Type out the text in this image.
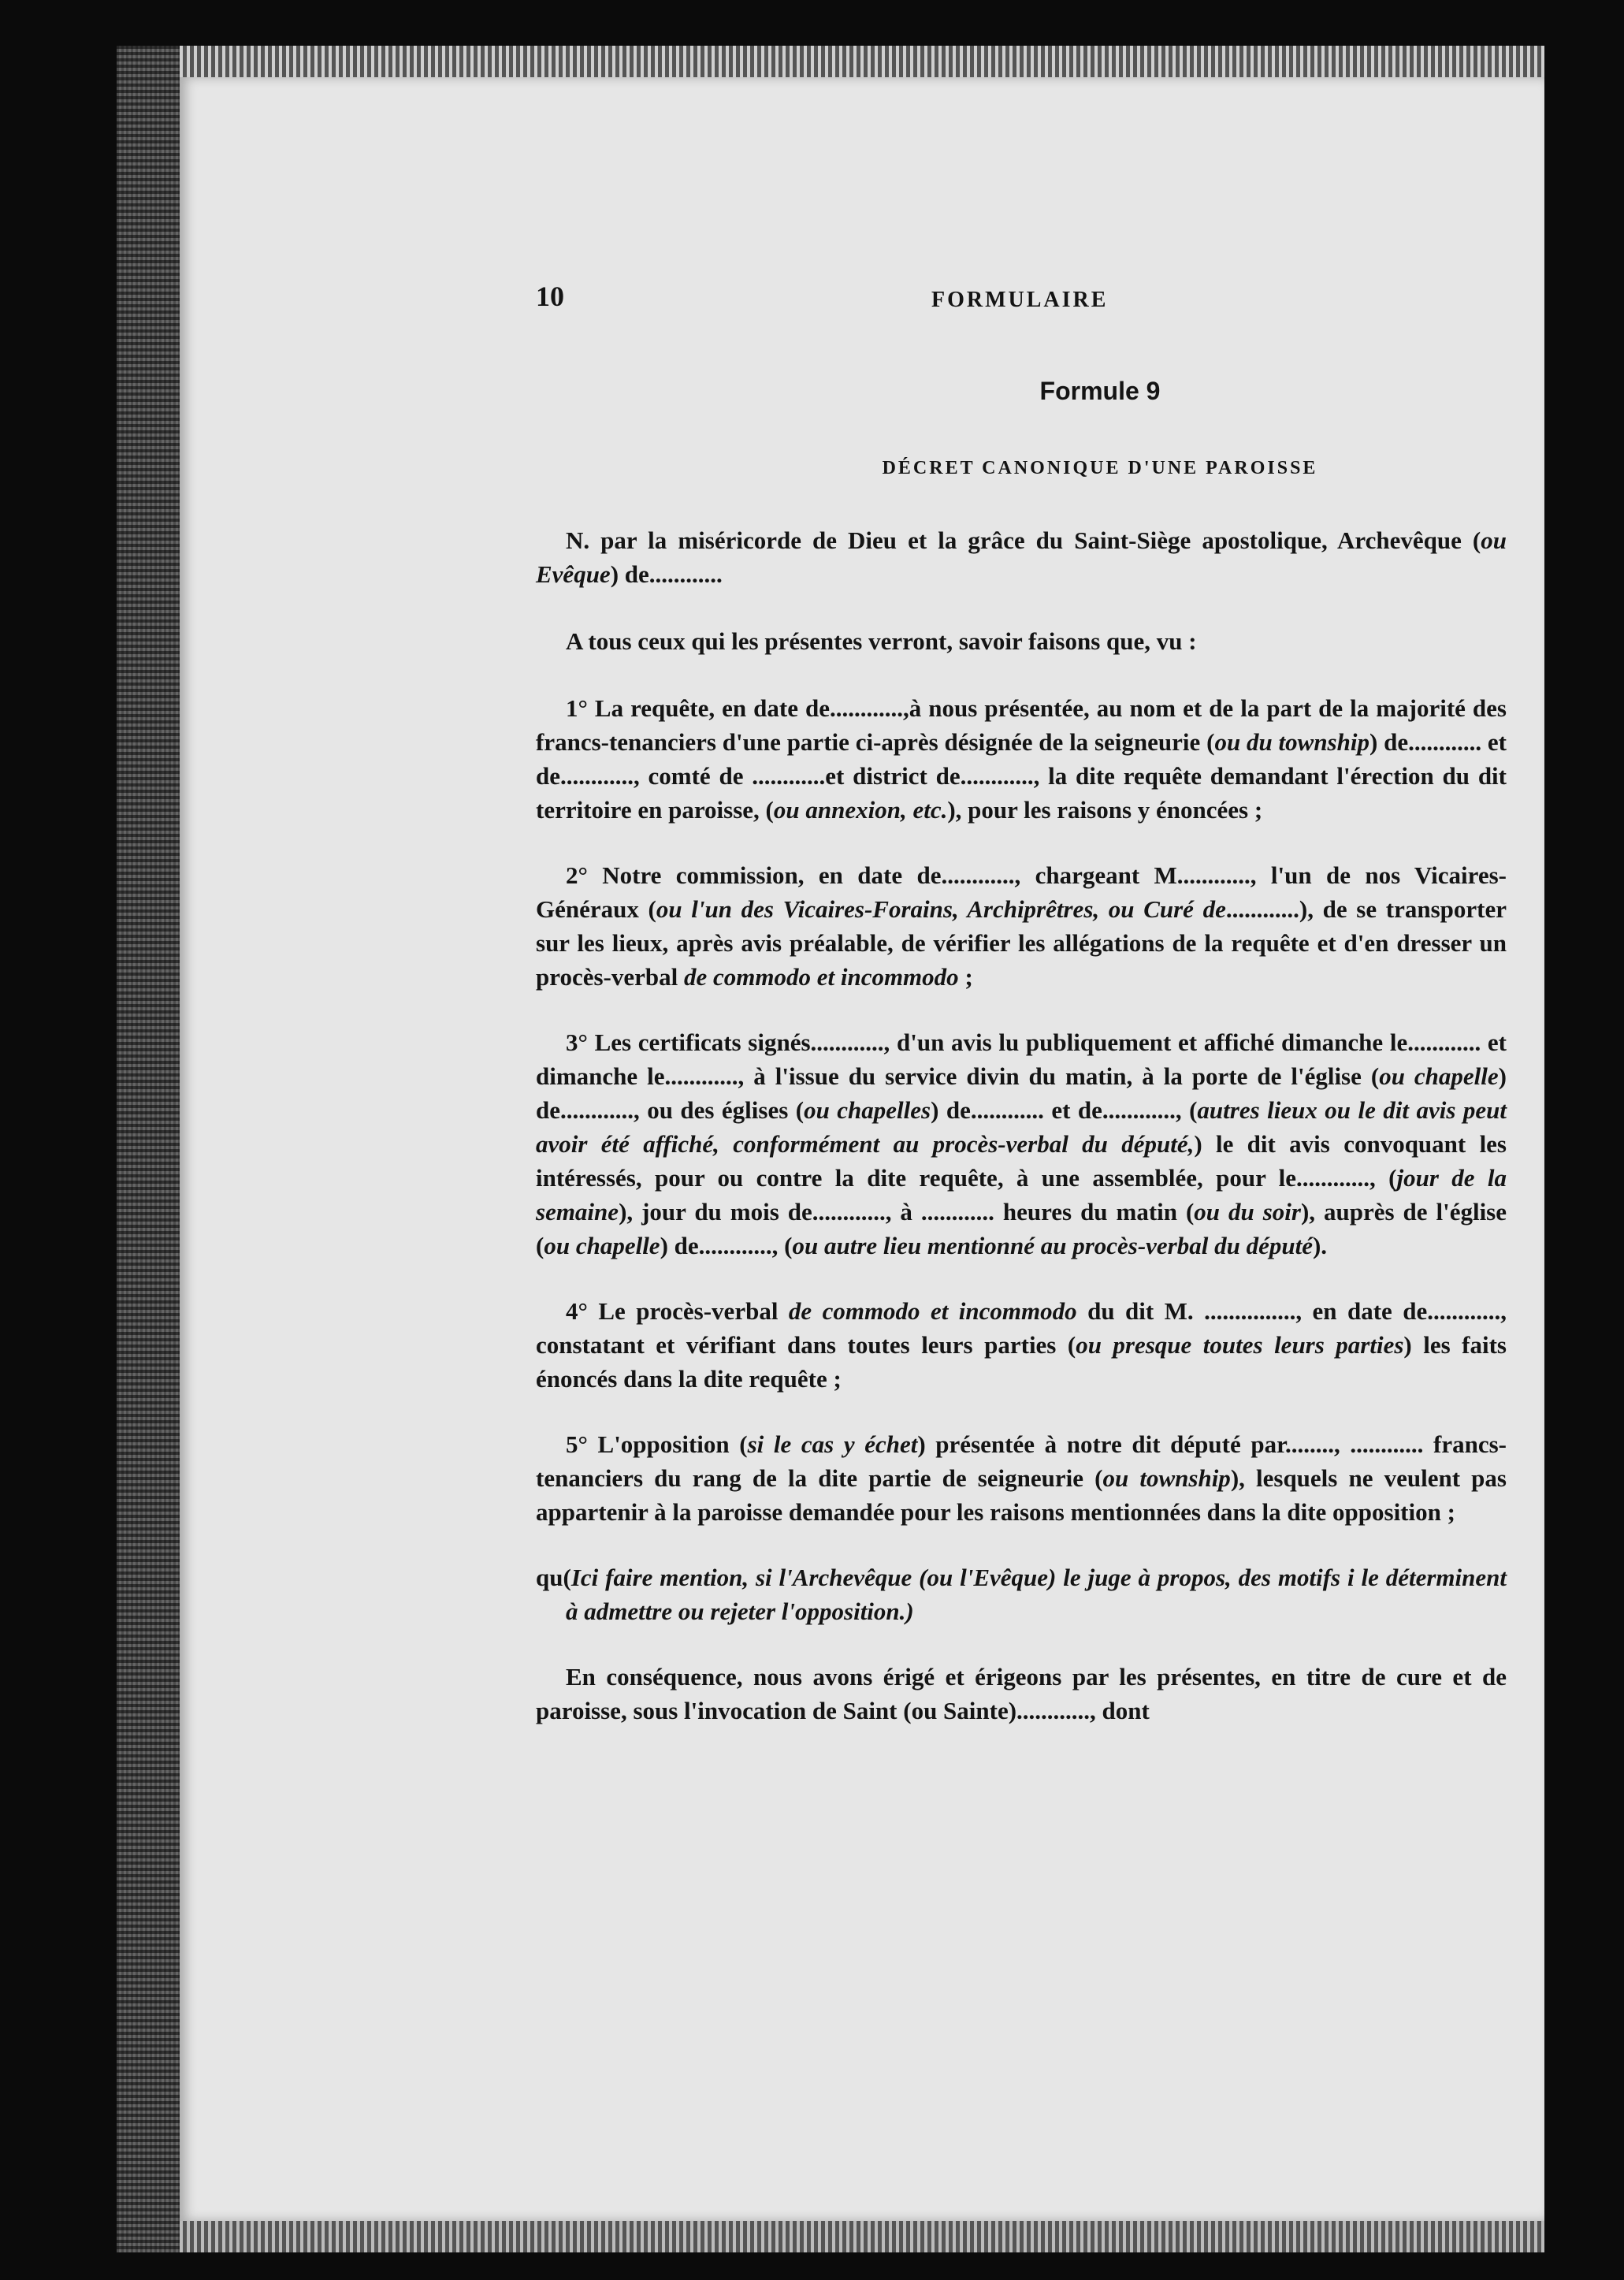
10	FORMULAIRE
Formule 9
DÉCRET CANONIQUE D'UNE PAROISSE

N. par la miséricorde de Dieu et la grâce du Saint-Siège apostolique, Archevêque (ou Evêque) de............

A tous ceux qui les présentes verront, savoir faisons que, vu :

1° La requête, en date de............,à nous présentée, au nom et de la part de la majorité des francs-tenanciers d'une partie ci-après désignée de la seigneurie (ou du township) de............ et de............, comté de ............et district de............, la dite requête demandant l'érection du dit territoire en paroisse, (ou annexion, etc.), pour les raisons y énoncées ;

2° Notre commission, en date de............, chargeant M............, l'un de nos Vicaires-Généraux (ou l'un des Vicaires-Forains, Archiprêtres, ou Curé de............), de se transporter sur les lieux, après avis préalable, de vérifier les allégations de la requête et d'en dresser un procès-verbal de commodo et incommodo ;

3° Les certificats signés............, d'un avis lu publiquement et affiché dimanche le............ et dimanche le............, à l'issue du service divin du matin, à la porte de l'église (ou chapelle) de............, ou des églises (ou chapelles) de............ et de............, (autres lieux ou le dit avis peut avoir été affiché, conformément au procès-verbal du député,) le dit avis convoquant les intéressés, pour ou contre la dite requête, à une assemblée, pour le............, (jour de la semaine), jour du mois de............, à ............ heures du matin (ou du soir), auprès de l'église (ou chapelle) de............, (ou autre lieu mentionné au procès-verbal du député).

4° Le procès-verbal de commodo et incommodo du dit M. ..............., en date de............, constatant et vérifiant dans toutes leurs parties (ou presque toutes leurs parties) les faits énoncés dans la dite requête ;

5° L'opposition (si le cas y échet) présentée à notre dit député par........, ............ francs-tenanciers du rang de la dite partie de seigneurie (ou township), lesquels ne veulent pas appartenir à la paroisse demandée pour les raisons mentionnées dans la dite opposition ;

qu(Ici faire mention, si l'Archevêque (ou l'Evêque) le juge à propos, des motifs i le déterminent à admettre ou rejeter l'opposition.)

En conséquence, nous avons érigé et érigeons par les présentes, en titre de cure et de paroisse, sous l'invocation de Saint (ou Sainte)............, dont
